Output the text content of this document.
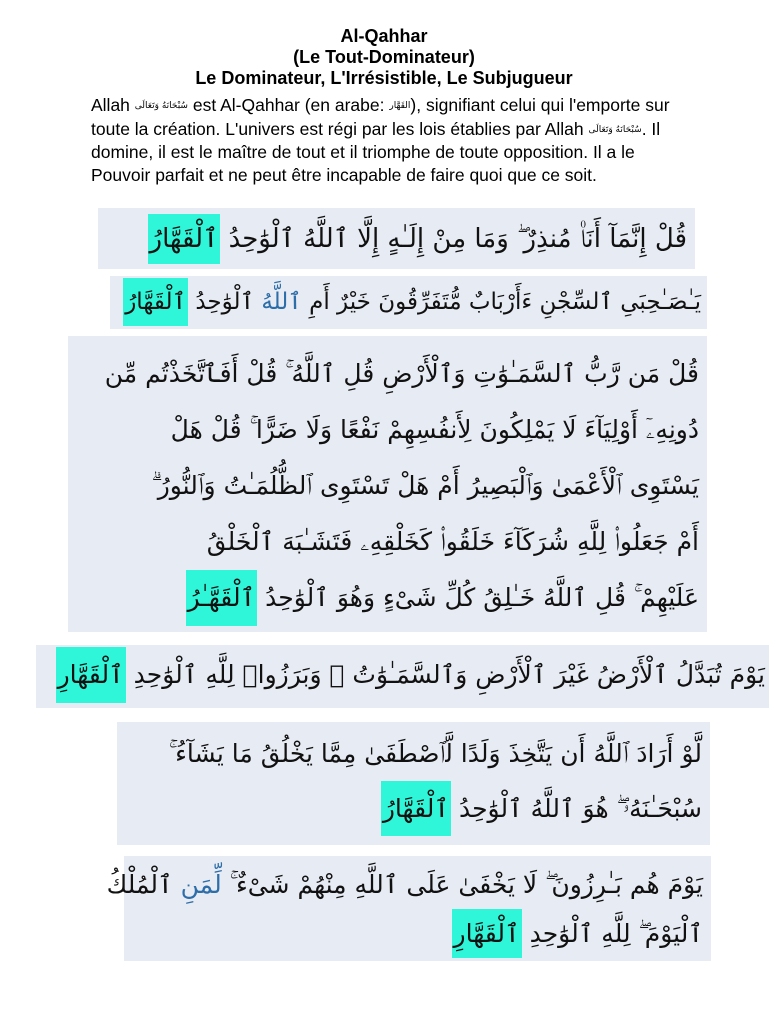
Al-Qahhar
(Le Tout-Dominateur)
Le Dominateur, L'Irrésistible, Le Subjugueur
Allah سُبْحَانَهُ وَتَعَالَى est Al-Qahhar (en arabe: القَهَّار), signifiant celui qui l'emporte sur toute la création. L'univers est régi par les lois établies par Allah سُبْحَانَهُ وَتَعَالَى. Il domine, il est le maître de tout et il triomphe de toute opposition. Il a le Pouvoir parfait et ne peut être incapable de faire quoi que ce soit.
قُلْ إِنَّمَآ أَنَا۠ مُنذِرٌ ۖ وَمَا مِنْ إِلَـٰهٍ إِلَّا ٱللَّهُ ٱلْوَٰحِدُ ٱلْقَهَّارُ
يَـٰصَـٰحِبَىِ ٱلسِّجْنِ ءَأَرْبَابٌ مُّتَفَرِّقُونَ خَيْرٌ أَمِ ٱللَّهُ ٱلْوَٰحِدُ ٱلْقَهَّارُ
قُلْ مَن رَّبُّ ٱلسَّمَـٰوَٰتِ وَٱلْأَرْضِ قُلِ ٱللَّهُ ۚ قُلْ أَفَٱتَّخَذْتُم مِّن
دُونِهِۦٓ أَوْلِيَآءَ لَا يَمْلِكُونَ لِأَنفُسِهِمْ نَفْعًا وَلَا ضَرًّا ۚ قُلْ هَلْ
يَسْتَوِى ٱلْأَعْمَىٰ وَٱلْبَصِيرُ أَمْ هَلْ تَسْتَوِى ٱلظُّلُمَـٰتُ وَٱلنُّورُ ۗ
أَمْ جَعَلُوا۟ لِلَّهِ شُرَكَآءَ خَلَقُوا۟ كَخَلْقِهِۦ فَتَشَـٰبَهَ ٱلْخَلْقُ
عَلَيْهِمْ ۚ قُلِ ٱللَّهُ خَـٰلِقُ كُلِّ شَىْءٍ وَهُوَ ٱلْوَٰحِدُ ٱلْقَهَّـٰرُ
يَوْمَ تُبَدَّلُ ٱلْأَرْضُ غَيْرَ ٱلْأَرْضِ وَٱلسَّمَـٰوَٰتُ ۖ وَبَرَزُوا۟ لِلَّهِ ٱلْوَٰحِدِ ٱلْقَهَّارِ
لَّوْ أَرَادَ ٱللَّهُ أَن يَتَّخِذَ وَلَدًا لَّٱصْطَفَىٰ مِمَّا يَخْلُقُ مَا يَشَآءُ ۚ
سُبْحَـٰنَهُۥ ۖ هُوَ ٱللَّهُ ٱلْوَٰحِدُ ٱلْقَهَّارُ
يَوْمَ هُم بَـٰرِزُونَ ۖ لَا يَخْفَىٰ عَلَى ٱللَّهِ مِنْهُمْ شَىْءٌ ۚ لِّمَنِ ٱلْمُلْكُ
ٱلْيَوْمَ ۖ لِلَّهِ ٱلْوَٰحِدِ ٱلْقَهَّارِ
